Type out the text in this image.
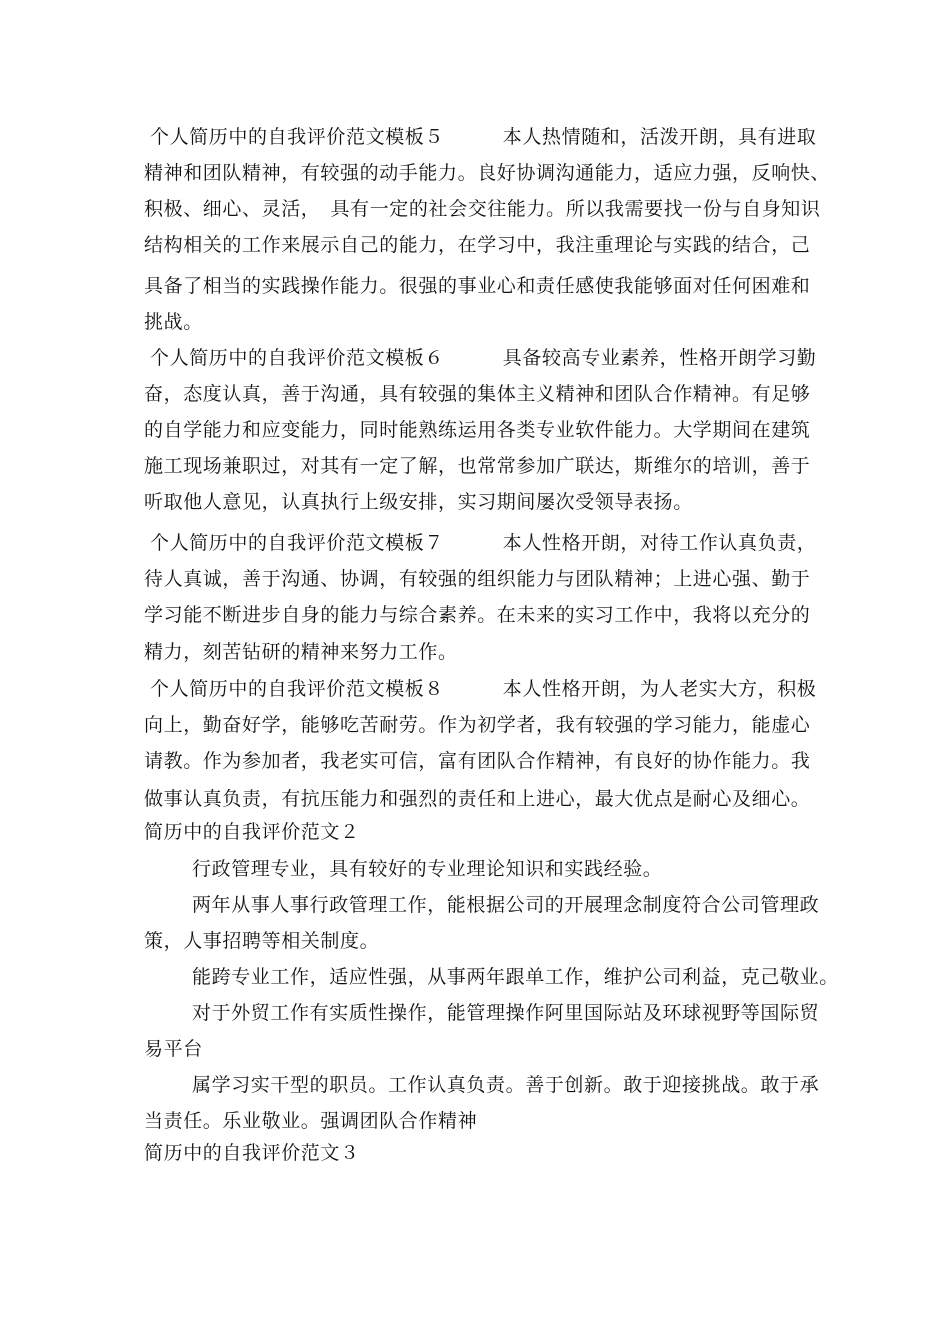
个人简历中的自我评价范文模板５　　　本人热情随和，活泼开朗，具有进取
精神和团队精神，有较强的动手能力。良好协调沟通能力，适应力强，反响快、
积极、细心、灵活，　具有一定的社会交往能力。所以我需要找一份与自身知识
结构相关的工作来展示自己的能力，在学习中，我注重理论与实践的结合，己
具备了相当的实践操作能力。很强的事业心和责任感使我能够面对任何困难和
挑战。
个人简历中的自我评价范文模板６　　　具备较高专业素养，性格开朗学习勤
奋，态度认真，善于沟通，具有较强的集体主义精神和团队合作精神。有足够
的自学能力和应变能力，同时能熟练运用各类专业软件能力。大学期间在建筑
施工现场兼职过，对其有一定了解，也常常参加广联达，斯维尔的培训，善于
听取他人意见，认真执行上级安排，实习期间屡次受领导表扬。
个人简历中的自我评价范文模板７　　　本人性格开朗，对待工作认真负责，
待人真诚，善于沟通、协调，有较强的组织能力与团队精神；上进心强、勤于
学习能不断进步自身的能力与综合素养。在未来的实习工作中，我将以充分的
精力，刻苦钻研的精神来努力工作。
个人简历中的自我评价范文模板８　　　本人性格开朗，为人老实大方，积极
向上，勤奋好学，能够吃苦耐劳。作为初学者，我有较强的学习能力，能虚心
请教。作为参加者，我老实可信，富有团队合作精神，有良好的协作能力。我
做事认真负责，有抗压能力和强烈的责任和上进心，最大优点是耐心及细心。
简历中的自我评价范文２
行政管理专业，具有较好的专业理论知识和实践经验。
两年从事人事行政管理工作，能根据公司的开展理念制度符合公司管理政
策，人事招聘等相关制度。
能跨专业工作，适应性强，从事两年跟单工作，维护公司利益，克己敬业。
对于外贸工作有实质性操作，能管理操作阿里国际站及环球视野等国际贸
易平台
属学习实干型的职员。工作认真负责。善于创新。敢于迎接挑战。敢于承
当责任。乐业敬业。强调团队合作精神
简历中的自我评价范文３
